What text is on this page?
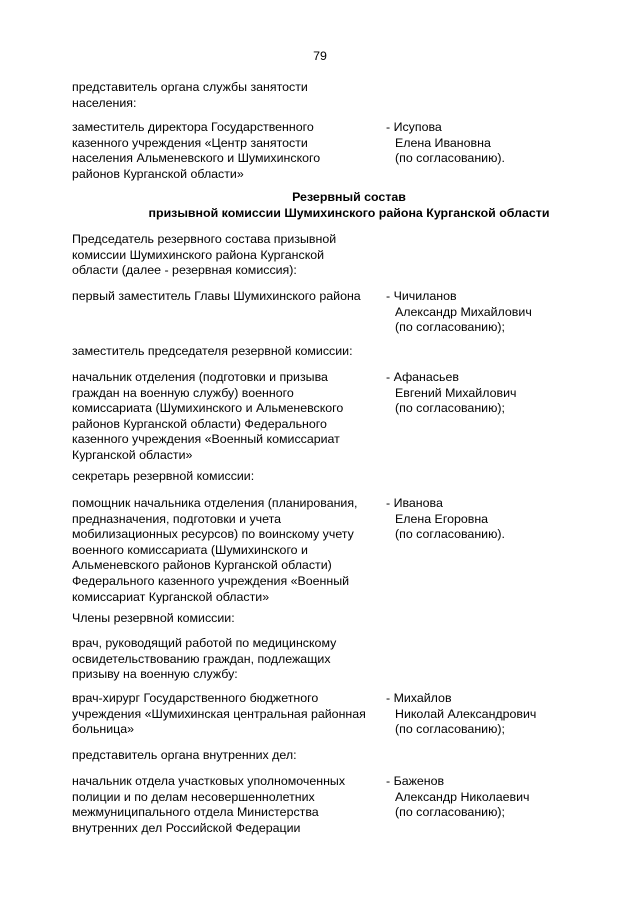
79
представитель органа службы занятости
населения:
заместитель директора Государственного
казенного учреждения «Центр занятости
населения Альменевского и Шумихинского
районов Курганской области»
- Исупова
Елена Ивановна
(по согласованию).
Резервный состав
призывной комиссии Шумихинского района Курганской области
Председатель резервного состава призывной
комиссии Шумихинского района Курганской
области (далее - резервная комиссия):
первый заместитель Главы Шумихинского района	- Чичиланов
Александр Михайлович
(по согласованию);
заместитель председателя резервной комиссии:
начальник отделения (подготовки и призыва
граждан на военную службу) военного
комиссариата (Шумихинского и Альменевского
районов Курганской области) Федерального
казенного учреждения «Военный комиссариат
Курганской области»
- Афанасьев
Евгений Михайлович
(по согласованию);
секретарь резервной комиссии:
помощник начальника отделения (планирования,
предназначения, подготовки и учета
мобилизационных ресурсов) по воинскому учету
военного комиссариата (Шумихинского и
Альменевского районов Курганской области)
Федерального казенного учреждения «Военный
комиссариат Курганской области»
- Иванова
Елена Егоровна
(по согласованию).
Члены резервной комиссии:
врач, руководящий работой по медицинскому
освидетельствованию граждан, подлежащих
призыву на военную службу:
врач-хирург Государственного бюджетного
учреждения «Шумихинская центральная районная
больница»
- Михайлов
Николай Александрович
(по согласованию);
представитель органа внутренних дел:
начальник отдела участковых уполномоченных
полиции и по делам несовершеннолетних
межмуниципального отдела Министерства
внутренних дел Российской Федерации
- Баженов
Александр Николаевич
(по согласованию);
